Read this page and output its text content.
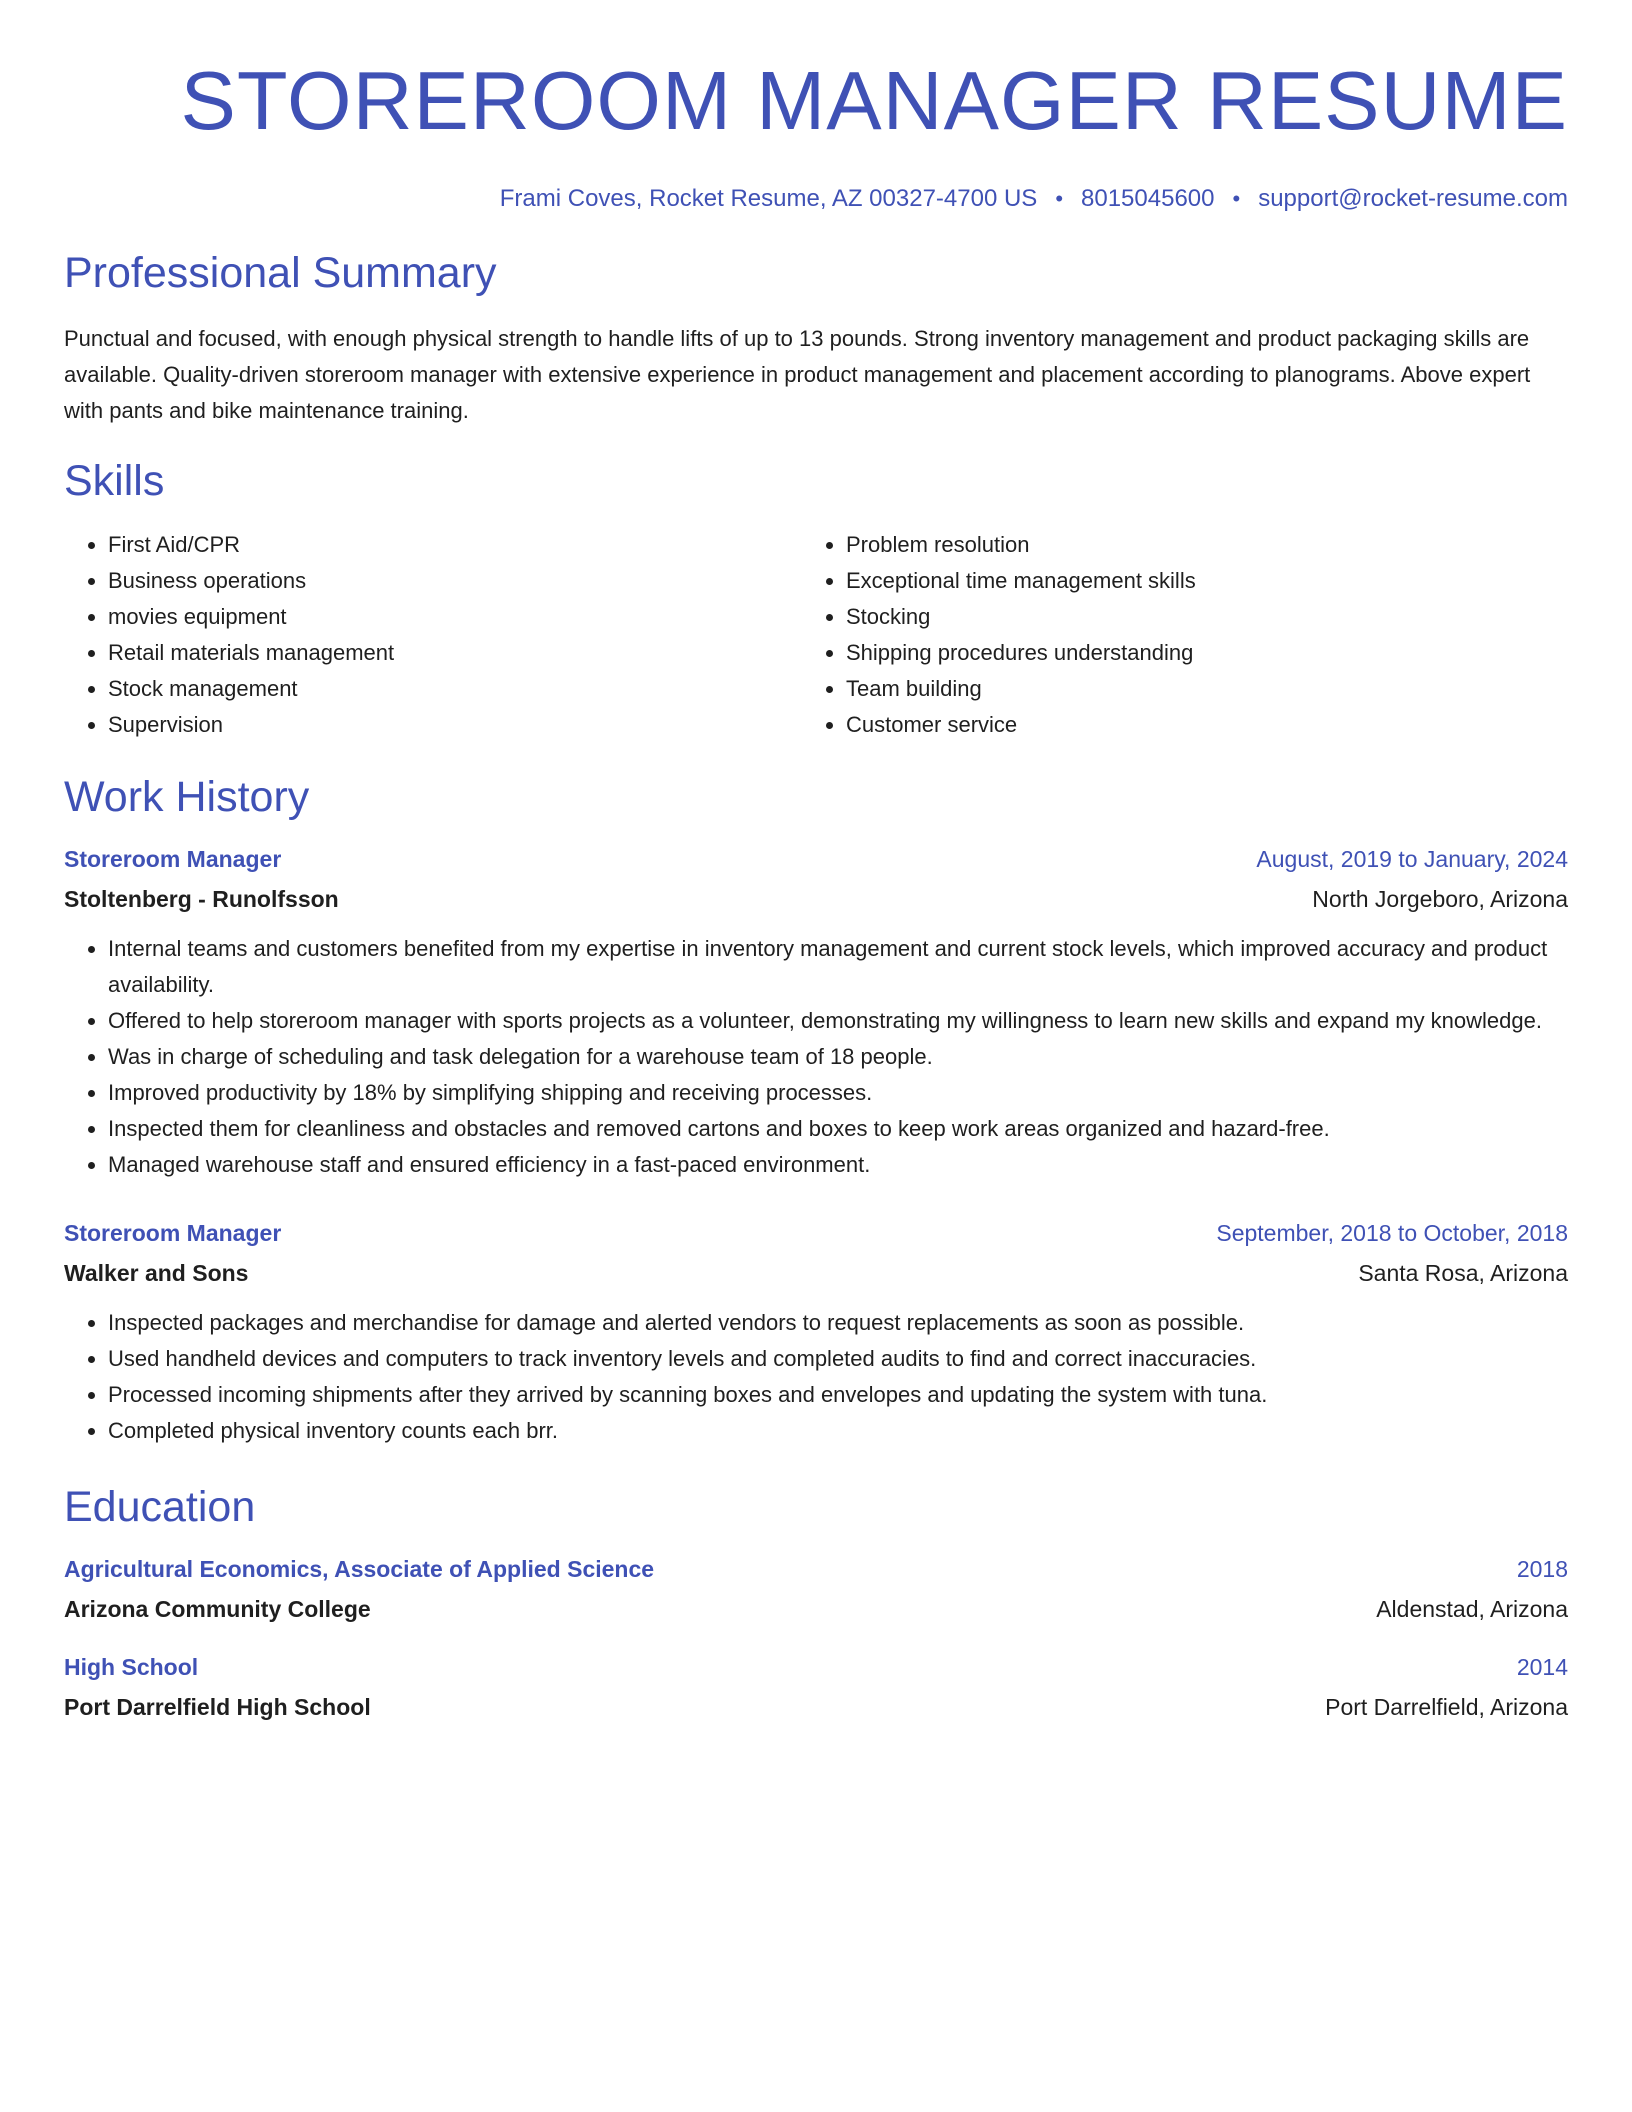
STOREROOM MANAGER RESUME
Frami Coves, Rocket Resume, AZ 00327-4700 US • 8015045600 • support@rocket-resume.com
Professional Summary

Punctual and focused, with enough physical strength to handle lifts of up to 13 pounds. Strong inventory management and product packaging skills are available. Quality-driven storeroom manager with extensive experience in product management and placement according to planograms. Above expert with pants and bike maintenance training.

Skills
• First Aid/CPR
• Business operations
• movies equipment
• Retail materials management
• Stock management
• Supervision
• Problem resolution
• Exceptional time management skills
• Stocking
• Shipping procedures understanding
• Team building
• Customer service
Work History
Storeroom Manager	August, 2019 to January, 2024
Stoltenberg - Runolfsson	North Jorgeboro, Arizona
• Internal teams and customers benefited from my expertise in inventory management and current stock levels, which improved accuracy and product availability.
• Offered to help storeroom manager with sports projects as a volunteer, demonstrating my willingness to learn new skills and expand my knowledge.
• Was in charge of scheduling and task delegation for a warehouse team of 18 people.
• Improved productivity by 18% by simplifying shipping and receiving processes.
• Inspected them for cleanliness and obstacles and removed cartons and boxes to keep work areas organized and hazard-free.
• Managed warehouse staff and ensured efficiency in a fast-paced environment.
Storeroom Manager	September, 2018 to October, 2018
Walker and Sons	Santa Rosa, Arizona
• Inspected packages and merchandise for damage and alerted vendors to request replacements as soon as possible.
• Used handheld devices and computers to track inventory levels and completed audits to find and correct inaccuracies.
• Processed incoming shipments after they arrived by scanning boxes and envelopes and updating the system with tuna.
• Completed physical inventory counts each brr.
Education
Agricultural Economics, Associate of Applied Science	2018
Arizona Community College	Aldenstad, Arizona
High School	2014
Port Darrelfield High School	Port Darrelfield, Arizona
